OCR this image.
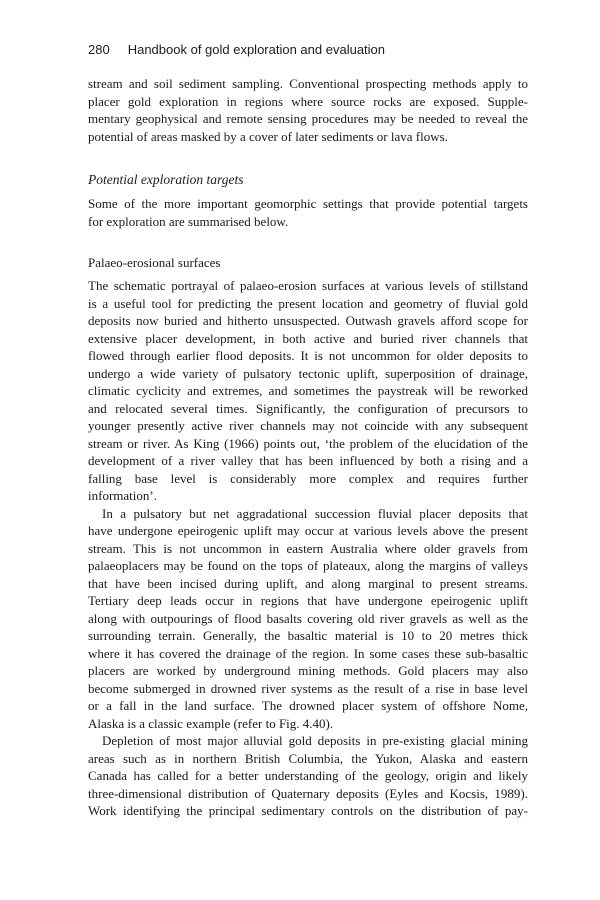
280 Handbook of gold exploration and evaluation
stream and soil sediment sampling. Conventional prospecting methods apply to
placer gold exploration in regions where source rocks are exposed. Supple-
mentary geophysical and remote sensing procedures may be needed to reveal the
potential of areas masked by a cover of later sediments or lava flows.
Potential exploration targets
Some of the more important geomorphic settings that provide potential targets
for exploration are summarised below.
Palaeo-erosional surfaces
The schematic portrayal of palaeo-erosion surfaces at various levels of stillstand
is a useful tool for predicting the present location and geometry of fluvial gold
deposits now buried and hitherto unsuspected. Outwash gravels afford scope for
extensive placer development, in both active and buried river channels that
flowed through earlier flood deposits. It is not uncommon for older deposits to
undergo a wide variety of pulsatory tectonic uplift, superposition of drainage,
climatic cyclicity and extremes, and sometimes the paystreak will be reworked
and relocated several times. Significantly, the configuration of precursors to
younger presently active river channels may not coincide with any subsequent
stream or river. As King (1966) points out, ‘the problem of the elucidation of the
development of a river valley that has been influenced by both a rising and a
falling base level is considerably more complex and requires further
information’.
In a pulsatory but net aggradational succession fluvial placer deposits that
have undergone epeirogenic uplift may occur at various levels above the present
stream. This is not uncommon in eastern Australia where older gravels from
palaeoplacers may be found on the tops of plateaux, along the margins of valleys
that have been incised during uplift, and along marginal to present streams.
Tertiary deep leads occur in regions that have undergone epeirogenic uplift
along with outpourings of flood basalts covering old river gravels as well as the
surrounding terrain. Generally, the basaltic material is 10 to 20 metres thick
where it has covered the drainage of the region. In some cases these sub-basaltic
placers are worked by underground mining methods. Gold placers may also
become submerged in drowned river systems as the result of a rise in base level
or a fall in the land surface. The drowned placer system of offshore Nome,
Alaska is a classic example (refer to Fig. 4.40).
Depletion of most major alluvial gold deposits in pre-existing glacial mining
areas such as in northern British Columbia, the Yukon, Alaska and eastern
Canada has called for a better understanding of the geology, origin and likely
three-dimensional distribution of Quaternary deposits (Eyles and Kocsis, 1989).
Work identifying the principal sedimentary controls on the distribution of pay-
